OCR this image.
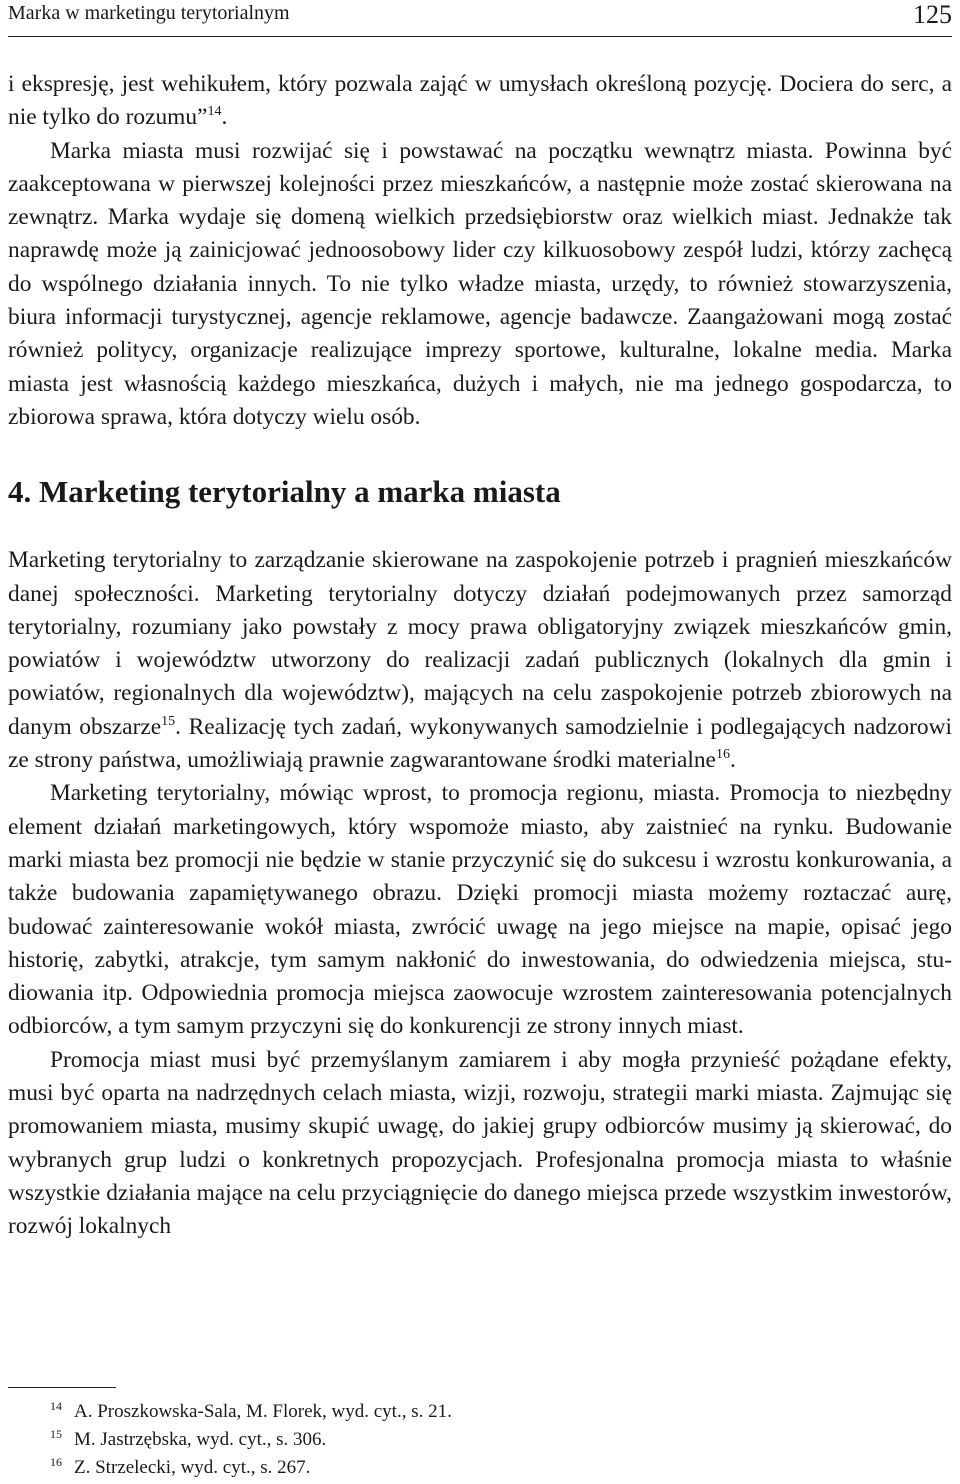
Marka w marketingu terytorialnym	125

i ekspresję, jest wehikułem, który pozwala zająć w umysłach określoną pozycję. Dociera do serc, a nie tylko do rozumu”$^{14}$.

Marka miasta musi rozwijać się i powstawać na początku wewnątrz miasta. Powinna być zaakceptowana w pierwszej kolejności przez mieszkańców, a następnie może zostać skierowana na zewnątrz. Marka wydaje się domeną wielkich przedsiębiorstw oraz wielkich miast. Jednakże tak naprawdę może ją zainicjować jednoosobowy lider czy kilkuosobowy zespół ludzi, którzy zachęcą do wspólnego działania innych. To nie tylko władze miasta, urzędy, to również stowarzyszenia, biura informacji turystycznej, agencje reklamowe, agencje badawcze. Zaangażowani mogą zostać również politycy, organizacje realizujące imprezy sportowe, kulturalne, lokalne media. Marka miasta jest własnością każdego mieszkańca, dużych i małych, nie ma jednego gospodarcza, to zbiorowa sprawa, która dotyczy wielu osób.

4. Marketing terytorialny a marka miasta

Marketing terytorialny to zarządzanie skierowane na zaspokojenie potrzeb i pragnień mieszkańców danej społeczności. Marketing terytorialny dotyczy działań podejmowanych przez samorząd terytorialny, rozumiany jako powstały z mocy prawa obligatoryjny związek mieszkańców gmin, powiatów i województw utworzony do realizacji zadań publicznych (lokalnych dla gmin i powiatów, regionalnych dla województw), mających na celu zaspokojenie potrzeb zbiorowych na danym obszarze$^{15}$. Realizację tych zadań, wykonywanych samodzielnie i podlegających nadzorowi ze strony państwa, umożliwiają prawnie zagwarantowane środki materialne$^{16}$.

Marketing terytorialny, mówiąc wprost, to promocja regionu, miasta. Promocja to niezbędny element działań marketingowych, który wspomoże miasto, aby zaistnieć na rynku. Budowanie marki miasta bez promocji nie będzie w stanie przyczynić się do sukcesu i wzrostu konkurowania, a także budowania zapamiętywanego obrazu. Dzięki promocji miasta możemy roztaczać aurę, budować zainteresowanie wokół miasta, zwrócić uwagę na jego miejsce na mapie, opisać jego historię, zabytki, atrakcje, tym samym nakłonić do inwestowania, do odwiedzenia miejsca, studiowania itp. Odpowiednia promocja miejsca zaowocuje wzrostem zainteresowania potencjalnych odbiorców, a tym samym przyczyni się do konkurencji ze strony innych miast.

Promocja miast musi być przemyślanym zamiarem i aby mogła przynieść pożądane efekty, musi być oparta na nadrzędnych celach miasta, wizji, rozwoju, strategii marki miasta. Zajmując się promowaniem miasta, musimy skupić uwagę, do jakiej grupy odbiorców musimy ją skierować, do wybranych grup ludzi o konkretnych propozycjach. Profesjonalna promocja miasta to właśnie wszystkie działania mające na celu przyciągnięcie do danego miejsca przede wszystkim inwestorów, rozwój lokalnych

$^{14}$ A. Proszkowska-Sala, M. Florek, wyd. cyt., s. 21.
$^{15}$ M. Jastrzębska, wyd. cyt., s. 306.
$^{16}$ Z. Strzelecki, wyd. cyt., s. 267.
